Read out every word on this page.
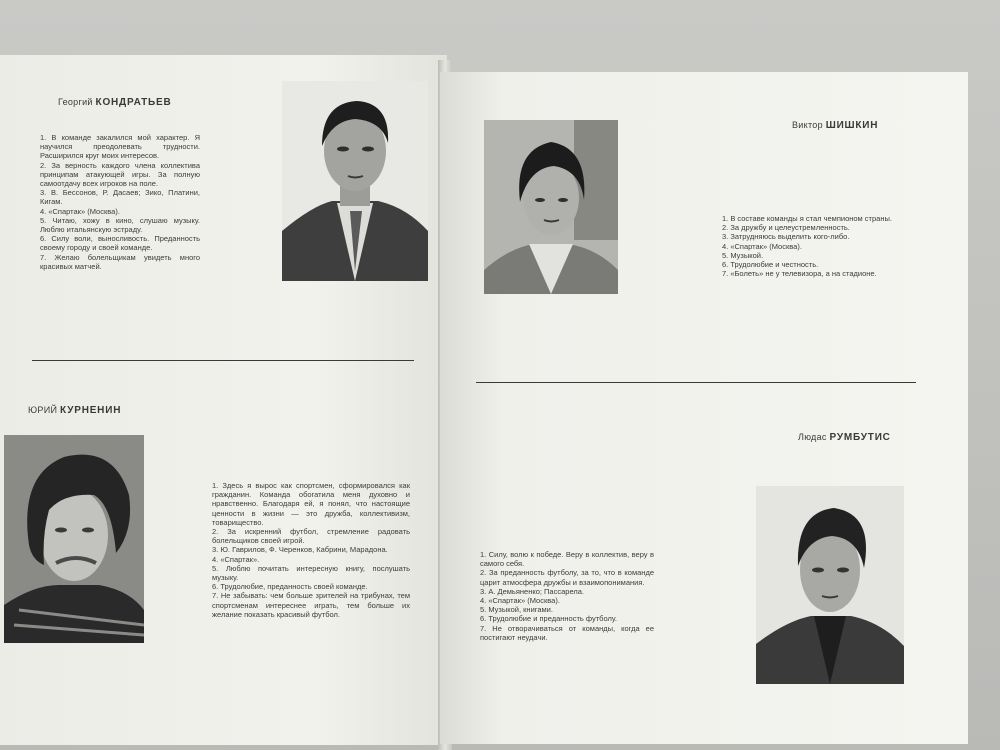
Георгий КОНДРАТЬЕВ
1. В команде закалился мой характер. Я научился преодолевать трудности. Расширился круг моих интересов.
2. За верность каждого члена коллектива принципам атакующей игры. За полную самоотдачу всех игроков на поле.
3. В. Бессонов, Р. Дасаев; Зико, Платини, Кигам.
4. «Спартак» (Москва).
5. Читаю, хожу в кино, слушаю музыку. Люблю итальянскую эстраду.
6. Силу воли, выносливость. Преданность своему городу и своей команде.
7. Желаю болельщикам увидеть много красивых матчей.
ЮРИЙ КУРНЕНИН
1. Здесь я вырос как спортсмен, сформировался как гражданин. Команда обогатила меня духовно и нравственно. Благодаря ей, я понял, что настоящие ценности в жизни — это дружба, коллективизм, товарищество.
2. За искренний футбол, стремление радовать болельщиков своей игрой.
3. Ю. Гаврилов, Ф. Черенков, Кабрини, Марадона.
4. «Спартак».
5. Люблю почитать интересную книгу, послушать музыку.
6. Трудолюбие, преданность своей команде.
7. Не забывать: чем больше зрителей на трибунах, тем спортсменам интереснее играть, тем больше их желание показать красивый футбол.
Виктор ШИШКИН
1. В составе команды я стал чемпионом страны.
2. За дружбу и целеустремленность.
3. Затрудняюсь выделить кого-либо.
4. «Спартак» (Москва).
5. Музыкой.
6. Трудолюбие и честность.
7. «Болеть» не у телевизора, а на стадионе.
Людас РУМБУТИС
1. Силу, волю к победе. Веру в коллектив, веру в самого себя.
2. За преданность футболу, за то, что в команде царит атмосфера дружбы и взаимопонимания.
3. А. Демьяненко; Пассарела.
4. «Спартак» (Москва).
5. Музыкой, книгами.
6. Трудолюбие и преданность футболу.
7. Не отворачиваться от команды, когда ее постигают неудачи.
